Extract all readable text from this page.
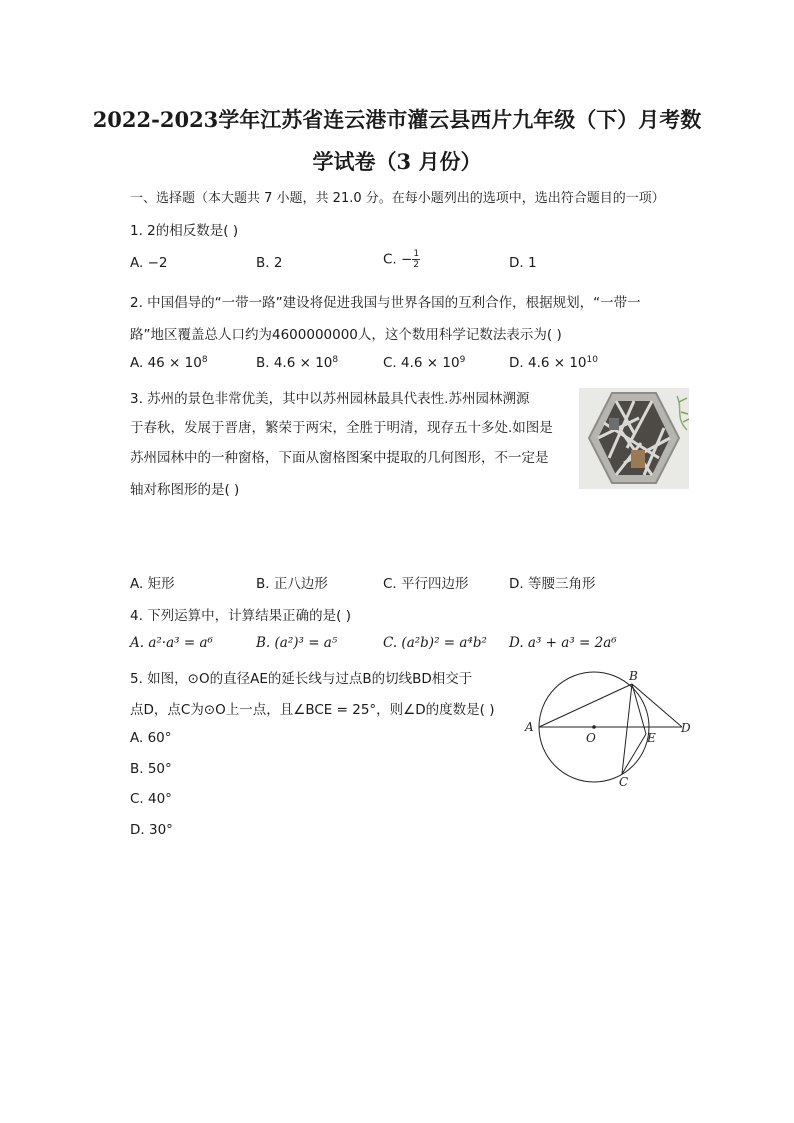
2022-2023学年江苏省连云港市灌云县西片九年级（下）月考数
学试卷（3 月份）
一、选择题（本大题共 7 小题，共 21.0 分。在每小题列出的选项中，选出符合题目的一项）
1. 2的相反数是( )
A. −2	B. 2	C. − $\frac{1}{2}$	D. 1
2. 中国倡导的“一带一路”建设将促进我国与世界各国的互利合作，根据规划，“一带一
路”地区覆盖总人口约为4600000000人，这个数用科学记数法表示为( )
A. $46 \times 10^8$	B. $4.6 \times 10^8$	C. $4.6 \times 10^9$	D. $4.6 \times 10^{10}$
3. 苏州的景色非常优美，其中以苏州园林最具代表性.苏州园林溯源
于春秋，发展于晋唐，繁荣于两宋，全胜于明清，现存五十多处.如图是
苏州园林中的一种窗格，下面从窗格图案中提取的几何图形，不一定是
轴对称图形的是( )
A. 矩形	B. 正八边形	C. 平行四边形	D. 等腰三角形
4. 下列运算中，计算结果正确的是( )
A. a²·a³ = a⁶	B. (a²)³ = a⁵	C. (a²b)² = a⁴b² D. a³ + a³ = 2a⁶
5. 如图，⊙O的直径AE的延长线与过点B的切线BD相交于
点D，点C为⊙O上一点，且∠BCE = 25°，则∠D的度数是( )
A. 60°
B. 50°
C. 40°
D. 30°
A
B
O	E
D
C
